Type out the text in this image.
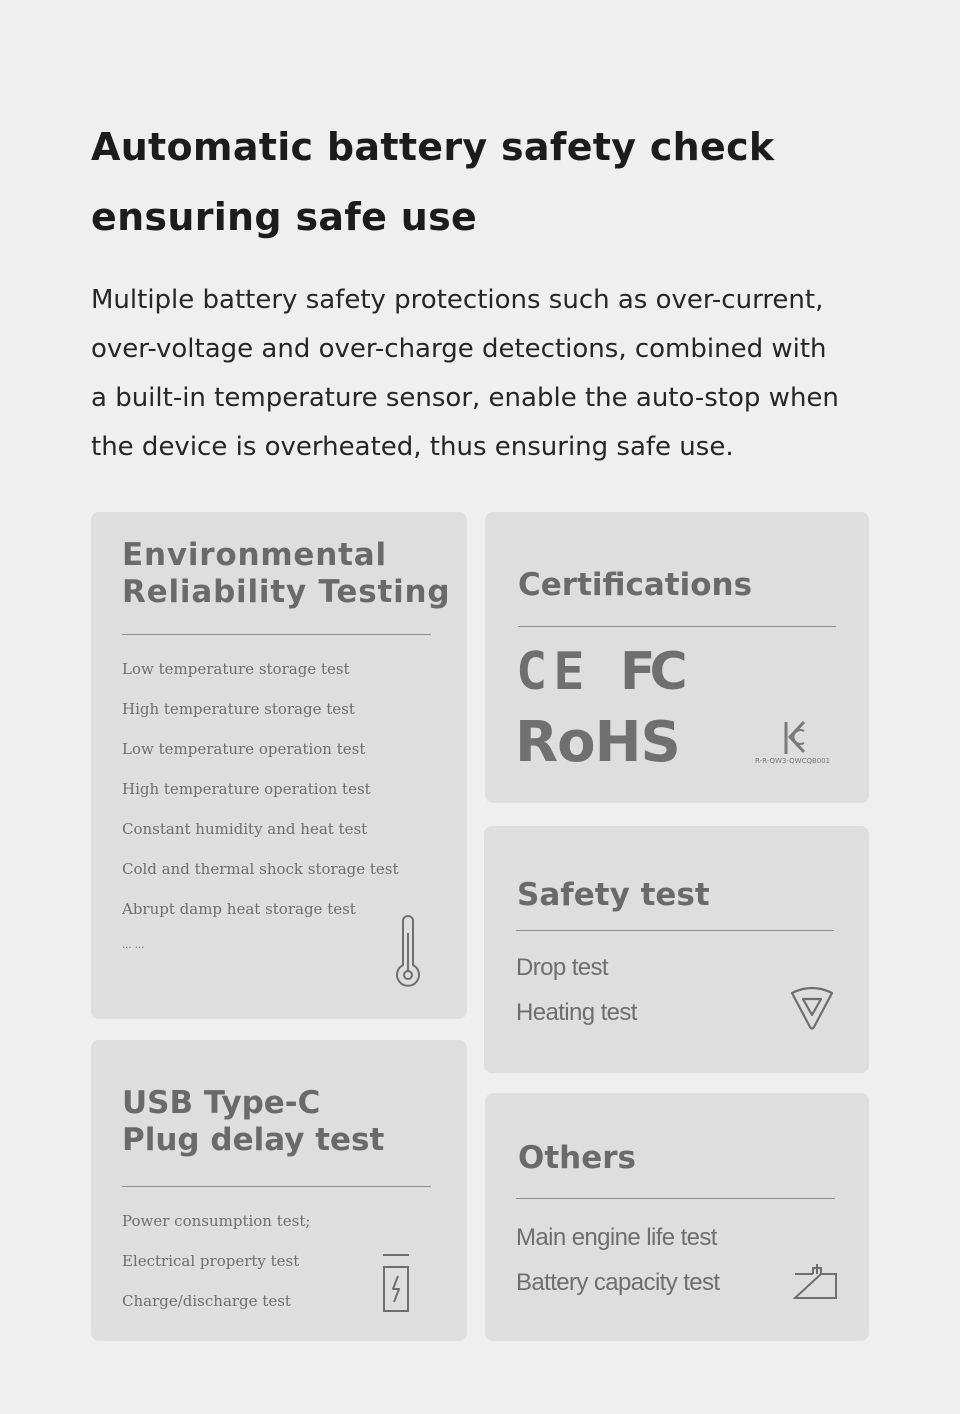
Automatic battery safety check
ensuring safe use
Multiple battery safety protections such as over-current,
over-voltage and over-charge detections, combined with
a built-in temperature sensor, enable the auto-stop when
the device is overheated, thus ensuring safe use.
Environmental
Reliability Testing
Low temperature storage test
High temperature storage test
Low temperature operation test
High temperature operation test
Constant humidity and heat test
Cold and thermal shock storage test
Abrupt damp heat storage test
... ...
Certifications
CE FC
RoHS	R-R-QW3-QWCQB001
Safety test
Drop test
Heating test
USB Type-C
Plug delay test
Power consumption test;
Electrical property test
Charge/discharge test
Others
Main engine life test
Battery capacity test
